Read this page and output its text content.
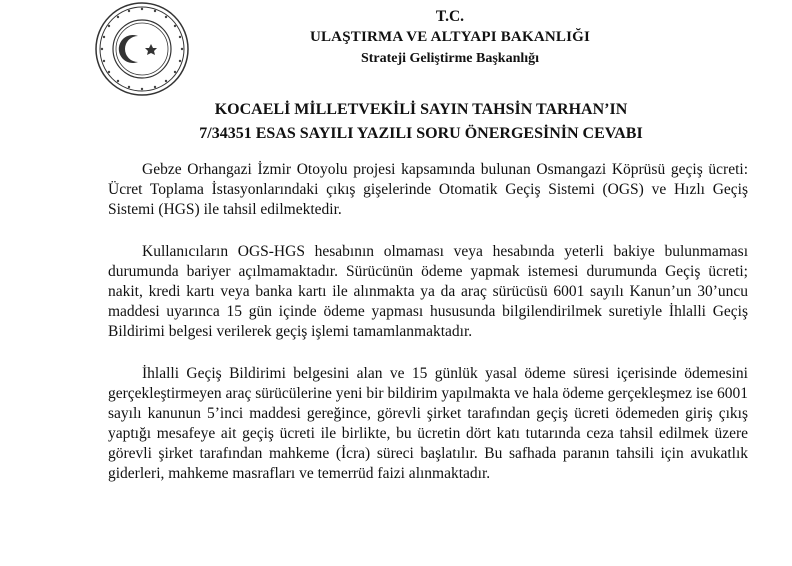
T.C.
ULAŞTIRMA VE ALTYAPI BAKANLIĞI
Strateji Geliştirme Başkanlığı
KOCAELİ MİLLETVEKİLİ SAYIN TAHSİN TARHAN’IN
7/34351 ESAS SAYILI YAZILI SORU ÖNERGESİNİN CEVABI

Gebze Orhangazi İzmir Otoyolu projesi kapsamında bulunan Osmangazi Köprüsü geçiş ücreti: Ücret Toplama İstasyonlarındaki çıkış gişelerinde Otomatik Geçiş Sistemi (OGS) ve Hızlı Geçiş Sistemi (HGS) ile tahsil edilmektedir.

Kullanıcıların OGS-HGS hesabının olmaması veya hesabında yeterli bakiye bulunmaması durumunda bariyer açılmamaktadır. Sürücünün ödeme yapmak istemesi durumunda Geçiş ücreti; nakit, kredi kartı veya banka kartı ile alınmakta ya da araç sürücüsü 6001 sayılı Kanun’un 30’uncu maddesi uyarınca 15 gün içinde ödeme yapması hususunda bilgilendirilmek suretiyle İhlalli Geçiş Bildirimi belgesi verilerek geçiş işlemi tamamlanmaktadır.

İhlalli Geçiş Bildirimi belgesini alan ve 15 günlük yasal ödeme süresi içerisinde ödemesini gerçekleştirmeyen araç sürücülerine yeni bir bildirim yapılmakta ve hala ödeme gerçekleşmez ise 6001 sayılı kanunun 5’inci maddesi gereğince, görevli şirket tarafından geçiş ücreti ödemeden giriş çıkış yaptığı mesafeye ait geçiş ücreti ile birlikte, bu ücretin dört katı tutarında ceza tahsil edilmek üzere görevli şirket tarafından mahkeme (İcra) süreci başlatılır. Bu safhada paranın tahsili için avukatlık giderleri, mahkeme masrafları ve temerrüd faizi alınmaktadır.
